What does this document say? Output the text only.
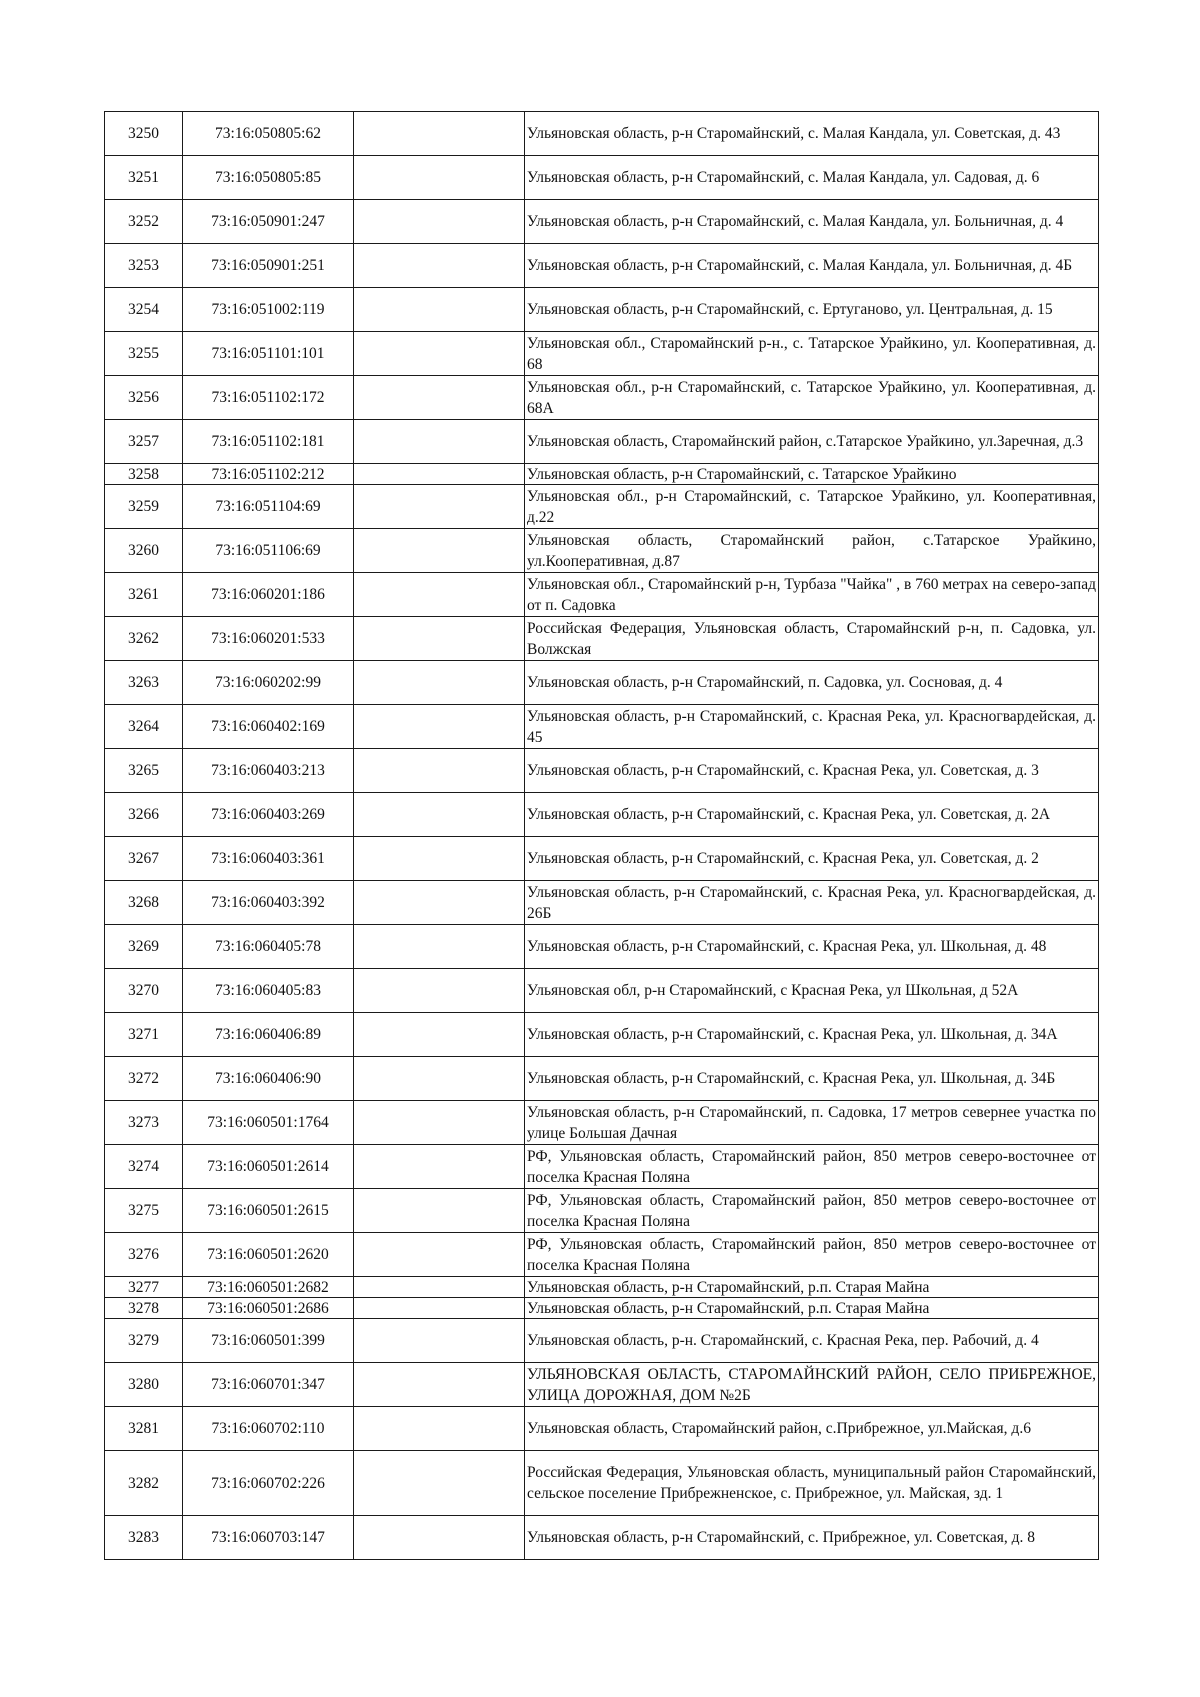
3250	73:16:050805:62		Ульяновская область, р-н Старомайнский, с. Малая Кандала, ул. Советская, д. 43
3251	73:16:050805:85		Ульяновская область, р-н Старомайнский, с. Малая Кандала, ул. Садовая, д. 6
3252	73:16:050901:247		Ульяновская область, р-н Старомайнский, с. Малая Кандала, ул. Больничная, д. 4
3253	73:16:050901:251		Ульяновская область, р-н Старомайнский, с. Малая Кандала, ул. Больничная, д. 4Б
3254	73:16:051002:119		Ульяновская область, р-н Старомайнский, с. Ертуганово, ул. Центральная, д. 15
3255	73:16:051101:101		Ульяновская обл., Старомайнский р-н., с. Татарское Урайкино, ул. Кооперативная, д. 68
3256	73:16:051102:172		Ульяновская обл., р-н Старомайнский, с. Татарское Урайкино, ул. Кооперативная, д. 68А
3257	73:16:051102:181		Ульяновская область, Старомайнский район, с.Татарское Урайкино, ул.Заречная, д.3
3258	73:16:051102:212		Ульяновская область, р-н Старомайнский, с. Татарское Урайкино
3259	73:16:051104:69		Ульяновская обл., р-н Старомайнский, с. Татарское Урайкино, ул. Кооперативная, д.22
3260	73:16:051106:69		Ульяновская область, Старомайнский район, с.Татарское Урайкино, ул.Кооперативная, д.87
3261	73:16:060201:186		Ульяновская обл., Старомайнский р-н, Турбаза "Чайка" , в 760 метрах на северо-запад от п. Садовка
3262	73:16:060201:533		Российская Федерация, Ульяновская область, Старомайнский р-н, п. Садовка, ул. Волжская
3263	73:16:060202:99		Ульяновская область, р-н Старомайнский, п. Садовка, ул. Сосновая, д. 4
3264	73:16:060402:169		Ульяновская область, р-н Старомайнский, с. Красная Река, ул. Красногвардейская, д. 45
3265	73:16:060403:213		Ульяновская область, р-н Старомайнский, с. Красная Река, ул. Советская, д. 3
3266	73:16:060403:269		Ульяновская область, р-н Старомайнский, с. Красная Река, ул. Советская, д. 2А
3267	73:16:060403:361		Ульяновская область, р-н Старомайнский, с. Красная Река, ул. Советская, д. 2
3268	73:16:060403:392		Ульяновская область, р-н Старомайнский, с. Красная Река, ул. Красногвардейская, д. 26Б
3269	73:16:060405:78		Ульяновская область, р-н Старомайнский, с. Красная Река, ул. Школьная, д. 48
3270	73:16:060405:83		Ульяновская обл, р-н Старомайнский, с Красная Река, ул Школьная, д 52А
3271	73:16:060406:89		Ульяновская область, р-н Старомайнский, с. Красная Река, ул. Школьная, д. 34А
3272	73:16:060406:90		Ульяновская область, р-н Старомайнский, с. Красная Река, ул. Школьная, д. 34Б
3273	73:16:060501:1764		Ульяновская область, р-н Старомайнский, п. Садовка, 17 метров севернее участка по улице Большая Дачная
3274	73:16:060501:2614		РФ, Ульяновская область, Старомайнский район, 850 метров северо-восточнее от поселка Красная Поляна
3275	73:16:060501:2615		РФ, Ульяновская область, Старомайнский район, 850 метров северо-восточнее от поселка Красная Поляна
3276	73:16:060501:2620		РФ, Ульяновская область, Старомайнский район, 850 метров северо-восточнее от поселка Красная Поляна
3277	73:16:060501:2682		Ульяновская область, р-н Старомайнский, р.п. Старая Майна
3278	73:16:060501:2686		Ульяновская область, р-н Старомайнский, р.п. Старая Майна
3279	73:16:060501:399		Ульяновская область, р-н. Старомайнский, с. Красная Река, пер. Рабочий, д. 4
3280	73:16:060701:347		УЛЬЯНОВСКАЯ ОБЛАСТЬ, СТАРОМАЙНСКИЙ РАЙОН, СЕЛО ПРИБРЕЖНОЕ, УЛИЦА ДОРОЖНАЯ, ДОМ №2Б
3281	73:16:060702:110		Ульяновская область, Старомайнский район, с.Прибрежное, ул.Майская, д.6
3282	73:16:060702:226		Российская Федерация, Ульяновская область, муниципальный район Старомайнский, сельское поселение Прибрежненское, с. Прибрежное, ул. Майская, зд. 1
3283	73:16:060703:147		Ульяновская область, р-н Старомайнский, с. Прибрежное, ул. Советская, д. 8
